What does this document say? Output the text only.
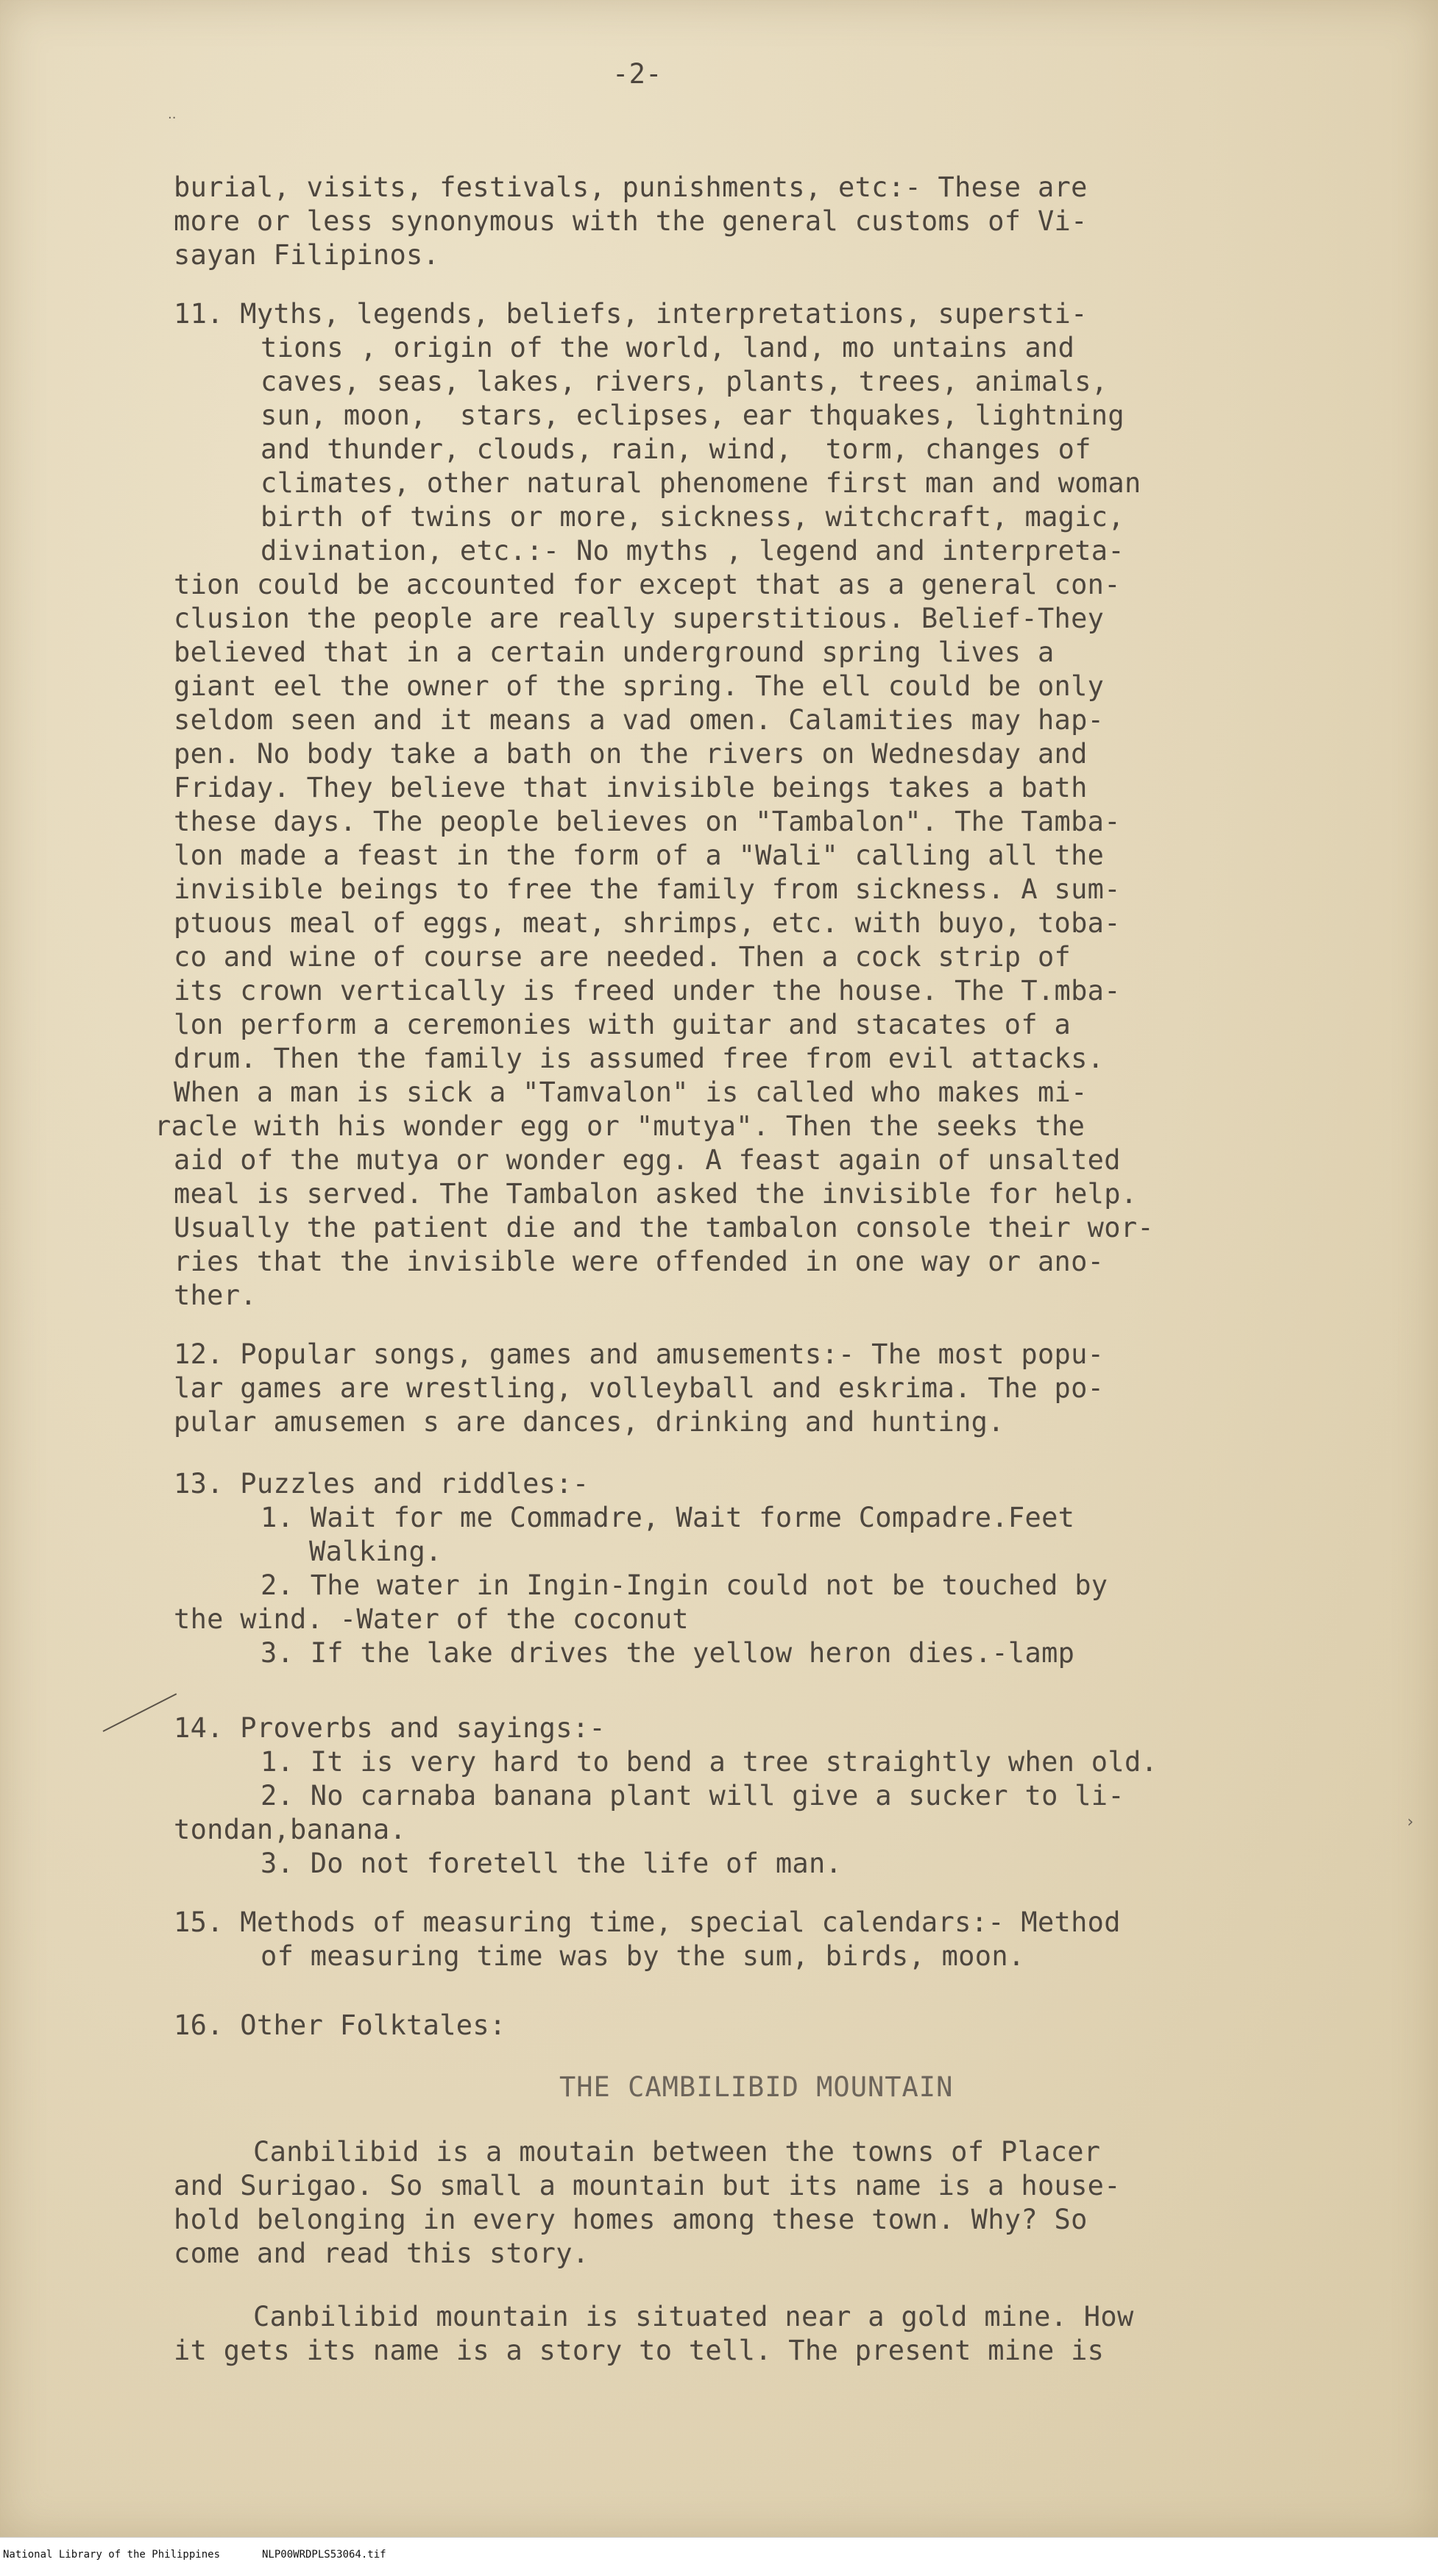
-2-
burial, visits, festivals, punishments, etc:- These are
more or less synonymous with the general customs of Vi-
sayan Filipinos.
11. Myths, legends, beliefs, interpretations, supersti-
tions , origin of the world, land, mo untains and
caves, seas, lakes, rivers, plants, trees, animals,
sun, moon,  stars, eclipses, ear thquakes, lightning
and thunder, clouds, rain, wind,  torm, changes of
climates, other natural phenomene first man and woman
birth of twins or more, sickness, witchcraft, magic,
divination, etc.:- No myths , legend and interpreta-
tion could be accounted for except that as a general con-
clusion the people are really superstitious. Belief-They
believed that in a certain underground spring lives a
giant eel the owner of the spring. The ell could be only
seldom seen and it means a vad omen. Calamities may hap-
pen. No body take a bath on the rivers on Wednesday and
Friday. They believe that invisible beings takes a bath
these days. The people believes on "Tambalon". The Tamba-
lon made a feast in the form of a "Wali" calling all the
invisible beings to free the family from sickness. A sum-
ptuous meal of eggs, meat, shrimps, etc. with buyo, toba-
co and wine of course are needed. Then a cock strip of
its crown vertically is freed under the house. The T.mba-
lon perform a ceremonies with guitar and stacates of a
drum. Then the family is assumed free from evil attacks.
When a man is sick a "Tamvalon" is called who makes mi-
racle with his wonder egg or "mutya". Then the seeks the
aid of the mutya or wonder egg. A feast again of unsalted
meal is served. The Tambalon asked the invisible for help.
Usually the patient die and the tambalon console their wor-
ries that the invisible were offended in one way or ano-
ther.
12. Popular songs, games and amusements:- The most popu-
lar games are wrestling, volleyball and eskrima. The po-
pular amusemen s are dances, drinking and hunting.
13. Puzzles and riddles:-
1. Wait for me Commadre, Wait forme Compadre.Feet
Walking.
2. The water in Ingin-Ingin could not be touched by
the wind. -Water of the coconut
3. If the lake drives the yellow heron dies.-lamp
14. Proverbs and sayings:-
1. It is very hard to bend a tree straightly when old.
2. No carnaba banana plant will give a sucker to li-
tondan,banana.
3. Do not foretell the life of man.
15. Methods of measuring time, special calendars:- Method
of measuring time was by the sum, birds, moon.
16. Other Folktales:
THE CAMBILIBID MOUNTAIN
Canbilibid is a moutain between the towns of Placer
and Surigao. So small a mountain but its name is a house-
hold belonging in every homes among these town. Why? So
come and read this story.
Canbilibid mountain is situated near a gold mine. How
it gets its name is a story to tell. The present mine is
··
›
National Library of the Philippines	NLP00WRDPLS53064.tif
